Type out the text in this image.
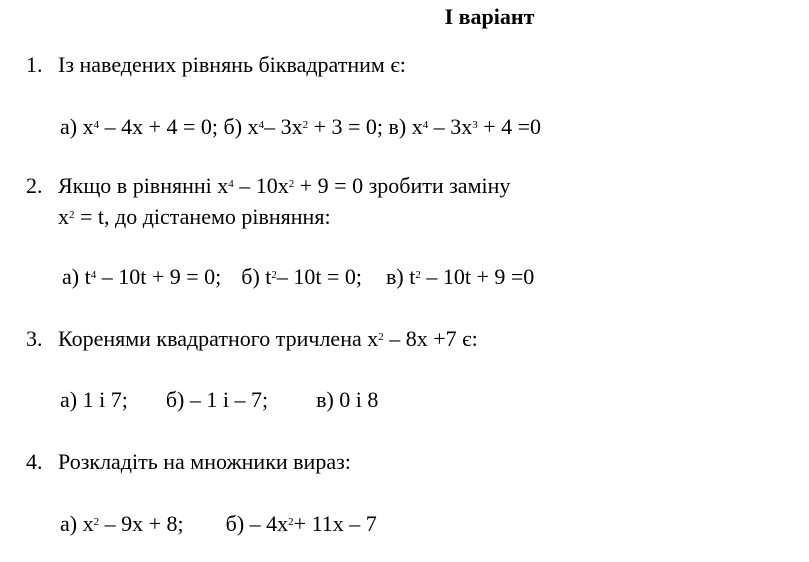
І варіант
1. Із наведених рівнянь біквадратним є:
а) $x^4 - 4x + 4 = 0$; б) $x^4-$ $3x^2 + 3 = 0$; в) $x^4 - 3x^3 + 4 =0$
2. Якщо в рівнянні $x^4 - 10x^2 + 9 = 0$ зробити заміну
$x^2 = t$, до дістанемо рівняння:
а) $t^4 - 10t + 9 = 0$; б) $t^2-$ 10t = 0; в) $t^2 - 10t + 9 =0$
3. Коренями квадратного тричлена $x^2 - 8x +7$ є:
а) 1 і 7; б) – 1 і – 7; в) 0 і 8
4. Розкладіть на множники вираз:
а) $x^2 - 9x + 8$; $б) - 4x^2+ 11x - 7$
